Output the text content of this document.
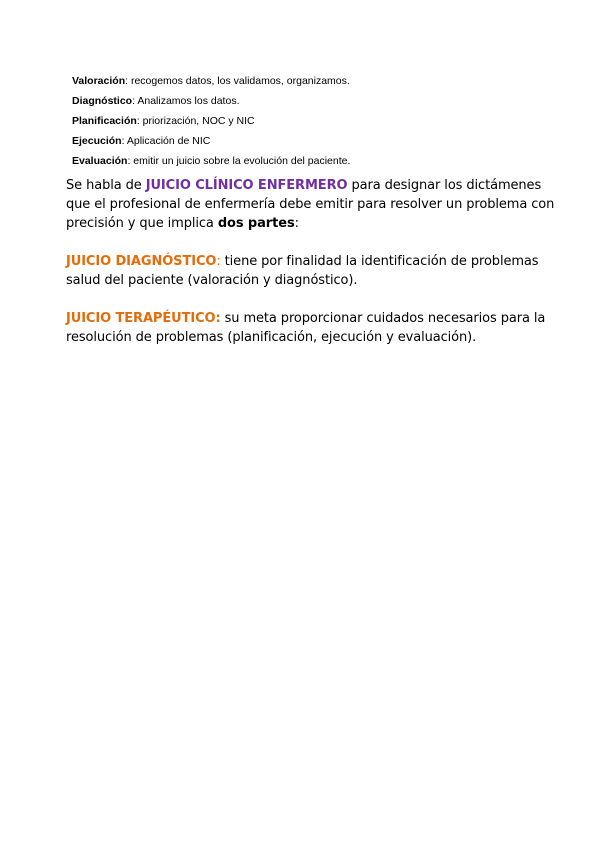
Valoración: recogemos datos, los validamos, organizamos.
Diagnóstico: Analizamos los datos.
Planificación: priorización, NOC y NIC
Ejecución: Aplicación de NIC
Evaluación: emitir un juicio sobre la evolución del paciente.

Se habla de JUICIO CLÍNICO ENFERMERO para designar los dictámenes que el profesional de enfermería debe emitir para resolver un problema con precisión y que implica dos partes:

JUICIO DIAGNÓSTICO: tiene por finalidad la identificación de problemas salud del paciente (valoración y diagnóstico).

JUICIO TERAPÉUTICO: su meta proporcionar cuidados necesarios para la resolución de problemas (planificación, ejecución y evaluación).
